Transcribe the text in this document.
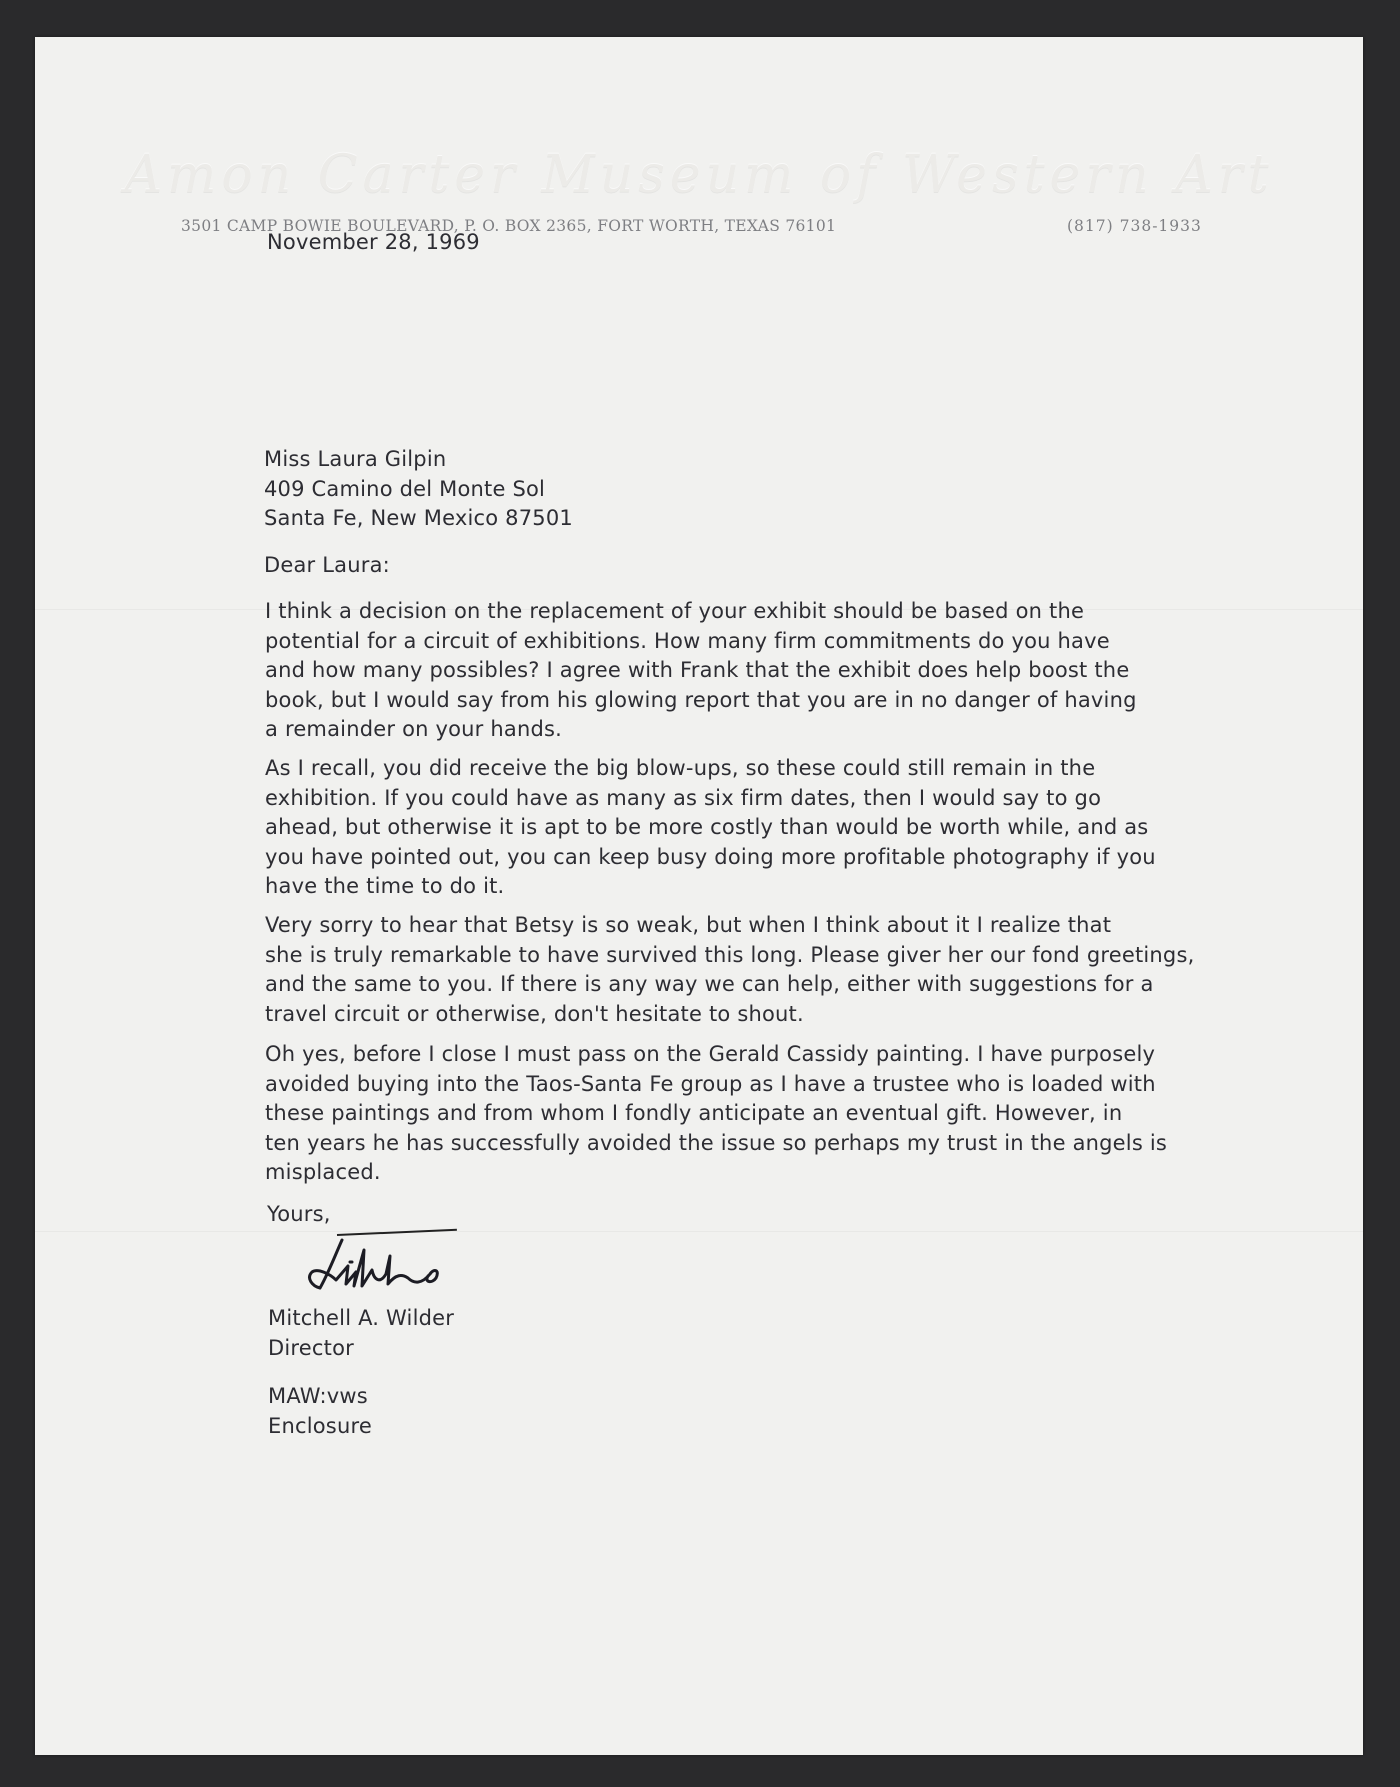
Amon Carter Museum of Western Art
3501 CAMP BOWIE BOULEVARD, P. O. BOX 2365, FORT WORTH, TEXAS 76101	(817) 738-1933
November 28, 1969
Miss Laura Gilpin
409 Camino del Monte Sol
Santa Fe, New Mexico 87501
Dear Laura:
I think a decision on the replacement of your exhibit should be based on the
potential for a circuit of exhibitions. How many firm commitments do you have
and how many possibles? I agree with Frank that the exhibit does help boost the
book, but I would say from his glowing report that you are in no danger of having
a remainder on your hands.
As I recall, you did receive the big blow-ups, so these could still remain in the
exhibition. If you could have as many as six firm dates, then I would say to go
ahead, but otherwise it is apt to be more costly than would be worth while, and as
you have pointed out, you can keep busy doing more profitable photography if you
have the time to do it.
Very sorry to hear that Betsy is so weak, but when I think about it I realize that
she is truly remarkable to have survived this long. Please giver her our fond greetings,
and the same to you. If there is any way we can help, either with suggestions for a
travel circuit or otherwise, don't hesitate to shout.
Oh yes, before I close I must pass on the Gerald Cassidy painting. I have purposely
avoided buying into the Taos-Santa Fe group as I have a trustee who is loaded with
these paintings and from whom I fondly anticipate an eventual gift. However, in
ten years he has successfully avoided the issue so perhaps my trust in the angels is
misplaced.
Yours,
Mitchell A. Wilder
Director
MAW:vws
Enclosure
